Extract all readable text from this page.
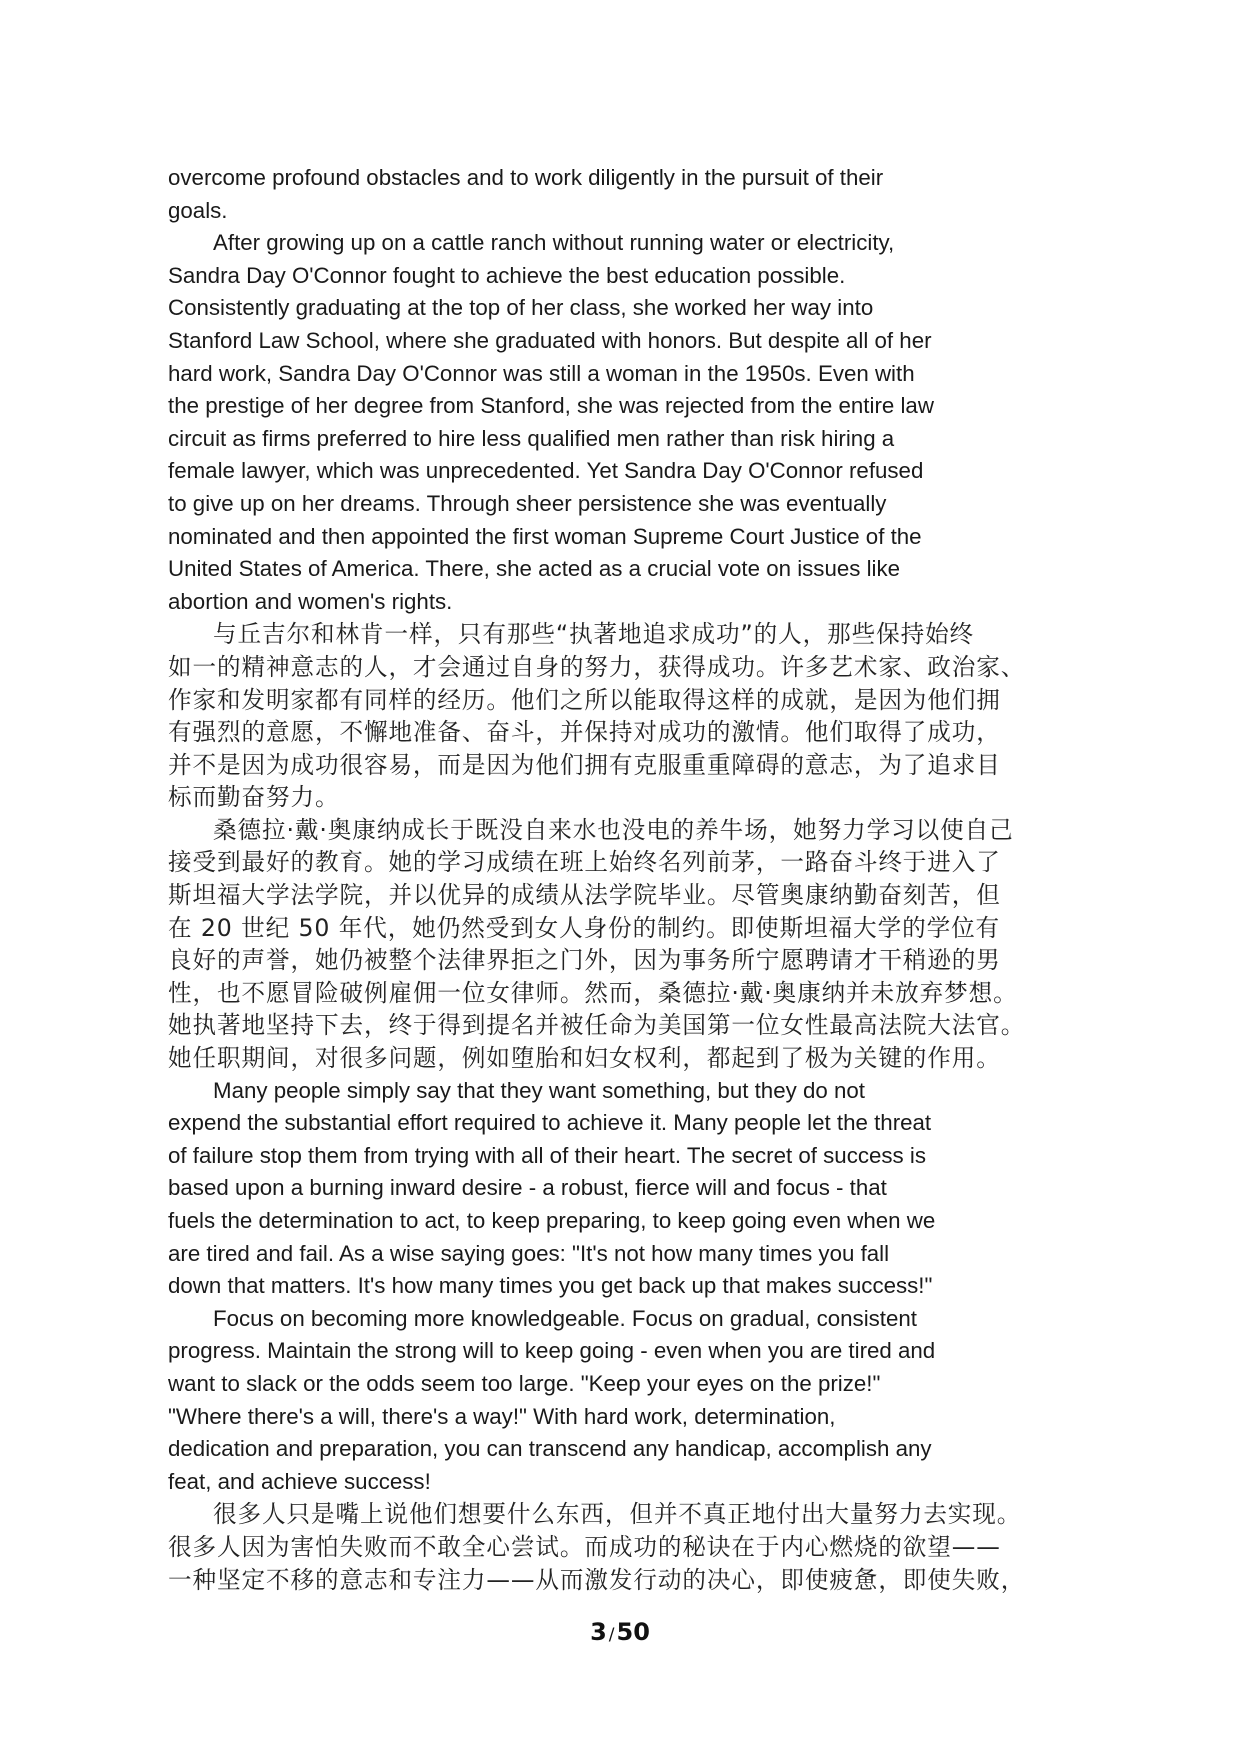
overcome profound obstacles and to work diligently in the pursuit of their
goals.
After growing up on a cattle ranch without running water or electricity,
Sandra Day O'Connor fought to achieve the best education possible.
Consistently graduating at the top of her class, she worked her way into
Stanford Law School, where she graduated with honors. But despite all of her
hard work, Sandra Day O'Connor was still a woman in the 1950s. Even with
the prestige of her degree from Stanford, she was rejected from the entire law
circuit as firms preferred to hire less qualified men rather than risk hiring a
female lawyer, which was unprecedented. Yet Sandra Day O'Connor refused
to give up on her dreams. Through sheer persistence she was eventually
nominated and then appointed the first woman Supreme Court Justice of the
United States of America. There, she acted as a crucial vote on issues like
abortion and women's rights.
与丘吉尔和林肯一样，只有那些“执著地追求成功”的人，那些保持始终
如一的精神意志的人，才会通过自身的努力，获得成功。许多艺术家、政治家、
作家和发明家都有同样的经历。他们之所以能取得这样的成就，是因为他们拥
有强烈的意愿，不懈地准备、奋斗，并保持对成功的激情。他们取得了成功，
并不是因为成功很容易，而是因为他们拥有克服重重障碍的意志，为了追求目
标而勤奋努力。
桑德拉·戴·奥康纳成长于既没自来水也没电的养牛场，她努力学习以使自己
接受到最好的教育。她的学习成绩在班上始终名列前茅，一路奋斗终于进入了
斯坦福大学法学院，并以优异的成绩从法学院毕业。尽管奥康纳勤奋刻苦，但
在 20 世纪 50 年代，她仍然受到女人身份的制约。即使斯坦福大学的学位有
良好的声誉，她仍被整个法律界拒之门外，因为事务所宁愿聘请才干稍逊的男
性，也不愿冒险破例雇佣一位女律师。然而，桑德拉·戴·奥康纳并未放弃梦想。
她执著地坚持下去，终于得到提名并被任命为美国第一位女性最高法院大法官。
她任职期间，对很多问题，例如堕胎和妇女权利，都起到了极为关键的作用。
Many people simply say that they want something, but they do not
expend the substantial effort required to achieve it. Many people let the threat
of failure stop them from trying with all of their heart. The secret of success is
based upon a burning inward desire - a robust, fierce will and focus - that
fuels the determination to act, to keep preparing, to keep going even when we
are tired and fail. As a wise saying goes: "It's not how many times you fall
down that matters. It's how many times you get back up that makes success!"
Focus on becoming more knowledgeable. Focus on gradual, consistent
progress. Maintain the strong will to keep going - even when you are tired and
want to slack or the odds seem too large. "Keep your eyes on the prize!"
"Where there's a will, there's a way!" With hard work, determination,
dedication and preparation, you can transcend any handicap, accomplish any
feat, and achieve success!
很多人只是嘴上说他们想要什么东西，但并不真正地付出大量努力去实现。
很多人因为害怕失败而不敢全心尝试。而成功的秘诀在于内心燃烧的欲望——
一种坚定不移的意志和专注力——从而激发行动的决心，即使疲惫，即使失败，
3 /50
